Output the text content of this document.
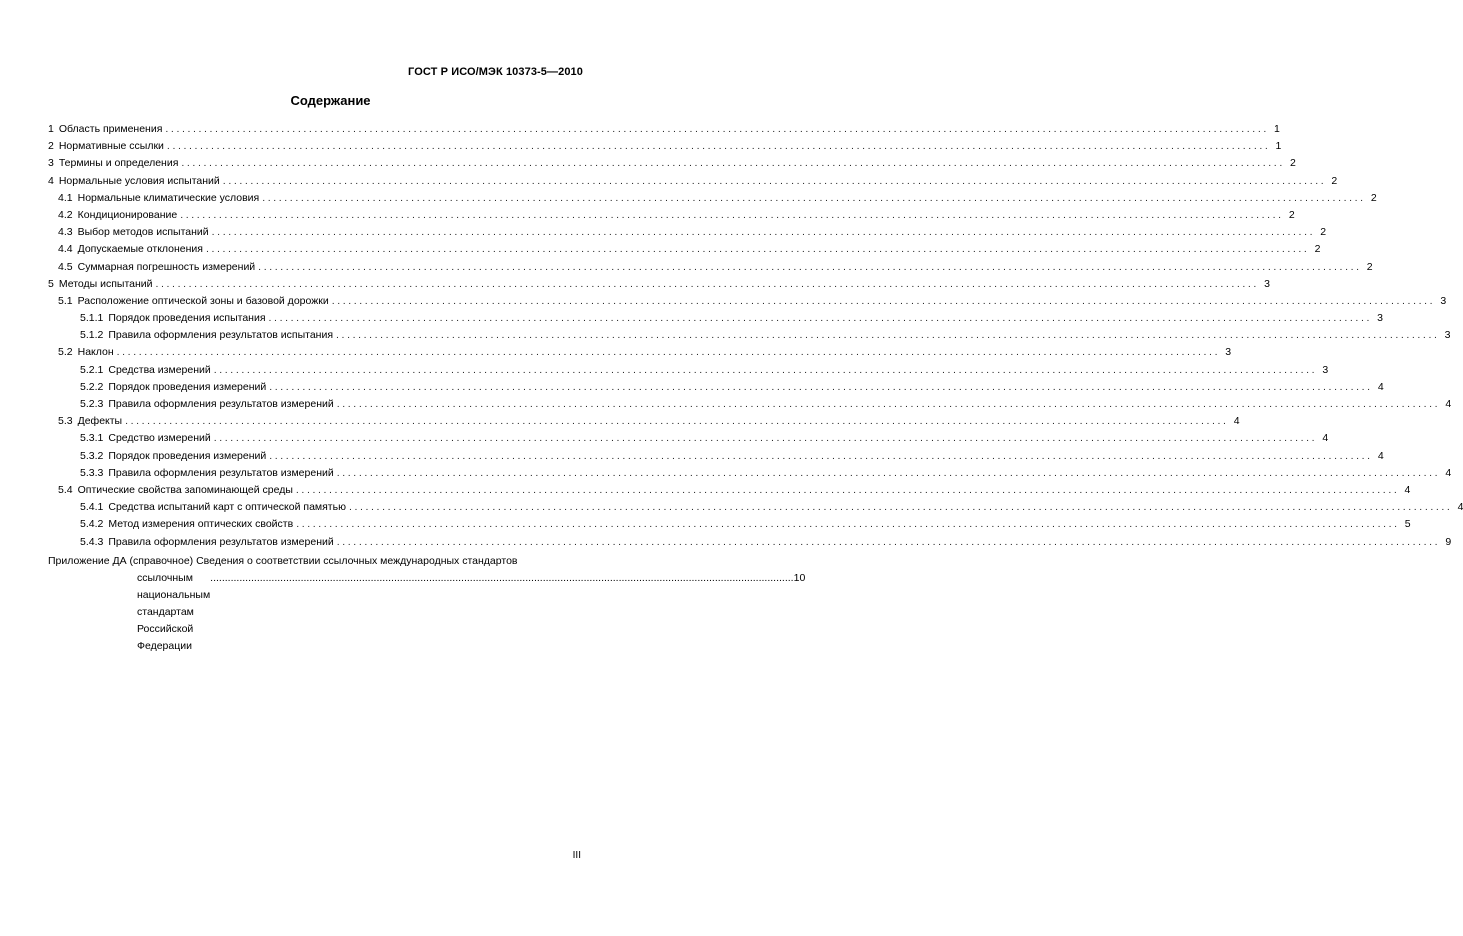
ГОСТ Р ИСО/МЭК 10373-5—2010
Содержание
1 Область применения ........................................................................................................................................................................................................ 1
2 Нормативные ссылки ........................................................................................................................................................................................................ 1
3 Термины и определения ........................................................................................................................................................................................................ 2
4 Нормальные условия испытаний ........................................................................................................................................................................................................ 2
4.1 Нормальные климатические условия ........................................................................................................................................................................................................ 2
4.2 Кондиционирование ........................................................................................................................................................................................................ 2
4.3 Выбор методов испытаний ........................................................................................................................................................................................................ 2
4.4 Допускаемые отклонения ........................................................................................................................................................................................................ 2
4.5 Суммарная погрешность измерений ........................................................................................................................................................................................................ 2
5 Методы испытаний ........................................................................................................................................................................................................ 3
5.1 Расположение оптической зоны и базовой дорожки ........................................................................................................................................................................................................ 3
5.1.1 Порядок проведения испытания ........................................................................................................................................................................................................ 3
5.1.2 Правила оформления результатов испытания ........................................................................................................................................................................................................ 3
5.2 Наклон ........................................................................................................................................................................................................ 3
5.2.1 Средства измерений ........................................................................................................................................................................................................ 3
5.2.2 Порядок проведения измерений ........................................................................................................................................................................................................ 4
5.2.3 Правила оформления результатов измерений ........................................................................................................................................................................................................ 4
5.3 Дефекты ........................................................................................................................................................................................................ 4
5.3.1 Средство измерений ........................................................................................................................................................................................................ 4
5.3.2 Порядок проведения измерений ........................................................................................................................................................................................................ 4
5.3.3 Правила оформления результатов измерений ........................................................................................................................................................................................................ 4
5.4 Оптические свойства запоминающей среды ........................................................................................................................................................................................................ 4
5.4.1 Средства испытаний карт с оптической памятью ........................................................................................................................................................................................................ 4
5.4.2 Метод измерения оптических свойств ........................................................................................................................................................................................................ 5
5.4.3 Правила оформления результатов измерений ........................................................................................................................................................................................................ 9
Приложение ДА (справочное) Сведения о соответствии ссылочных международных стандартов
ссылочным национальным стандартам Российской Федерации
........................................................................................................................................................................................................ 10
III
